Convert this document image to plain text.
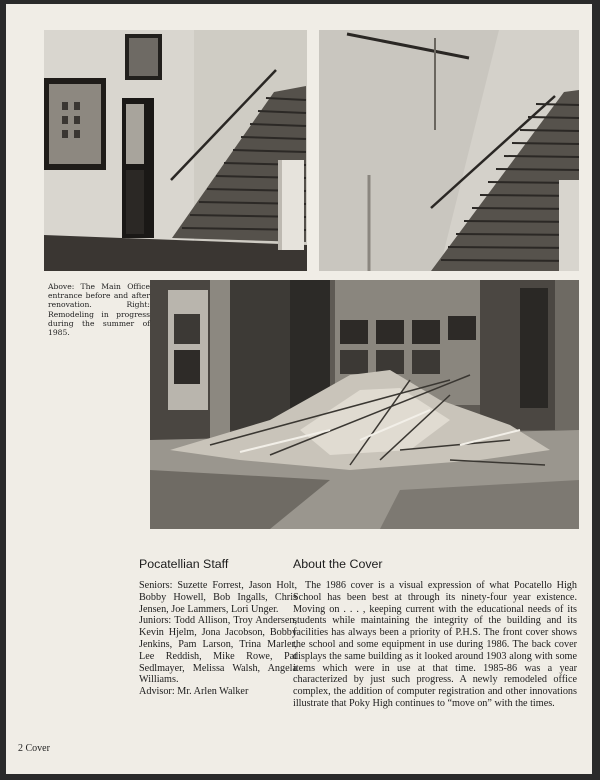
Above: The Main Office entrance before and after renovation. Right: Remodeling in progress during the summer of 1985.
Pocatellian Staff

Seniors: Suzette Forrest, Jason Holt, Bobby Howell, Bob Ingalls, Chris Jensen, Joe Lammers, Lori Unger.

Juniors: Todd Allison, Troy Andersen, Kevin Hjelm, Jona Jacobson, Bobby Jenkins, Pam Larson, Trina Marler, Lee Reddish, Mike Rowe, Pat Sedlmayer, Melissa Walsh, Angela Williams.

Advisor: Mr. Arlen Walker

About the Cover

The 1986 cover is a visual expression of what Pocatello High School has been best at through its ninety-four year existence. Moving on . . . , keeping current with the educational needs of its students while maintaining the integrity of the building and its facilities has always been a priority of P.H.S. The front cover shows the school and some equipment in use during 1986. The back cover displays the same building as it looked around 1903 along with some items which were in use at that time. 1985-86 was a year characterized by just such progress. A newly remodeled office complex, the addition of computer registration and other innovations illustrate that Poky High continues to “move on” with the times.

2 Cover
